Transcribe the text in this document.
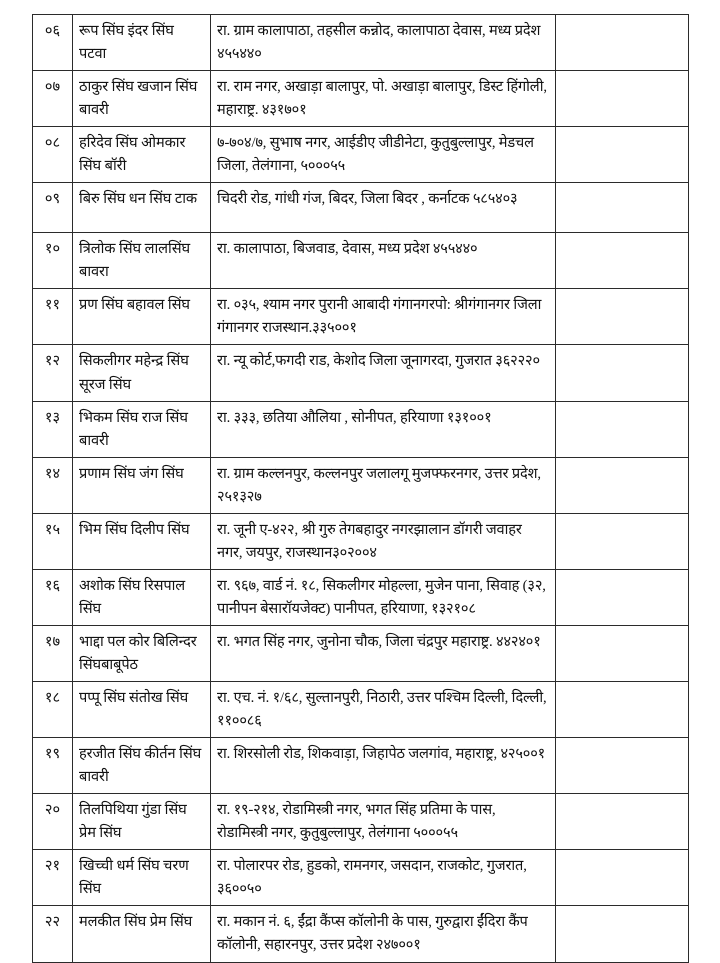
०६	रूप सिंघ इंदर सिंघ पटवा	रा. ग्राम कालापाठा, तहसील कन्नोद, कालापाठा देवास, मध्य प्रदेश ४५५४४०	
०७	ठाकुर सिंघ खजान सिंघ बावरी	रा. राम नगर, अखाड़ा बालापुर, पो. अखाड़ा बालापुर, डिस्ट हिंगोली, महाराष्ट्र. ४३१७०१	
०८	हरिदेव सिंघ ओमकार सिंघ बॉरी	७-७०४/७, सुभाष नगर, आईडीए जीडीनेटा, कुतुबुल्लापुर, मेडचल जिला, तेलंगाना, ५०००५५	
०९	बिरु सिंघ धन सिंघ टाक	चिदरी रोड, गांधी गंज, बिदर, जिला बिदर , कर्नाटक ५८५४०३	
१०	त्रिलोक सिंघ लालसिंघ बावरा	रा. कालापाठा, बिजवाड, देवास, मध्य प्रदेश ४५५४४०	
११	प्रण सिंघ बहावल सिंघ	रा. ०३५, श्याम नगर पुरानी आबादी गंगानगरपो: श्रीगंगानगर जिला गंगानगर राजस्थान.३३५००१	
१२	सिकलीगर महेन्द्र सिंघ सूरज सिंघ	रा. न्यू कोर्ट,फगदी राड, केशोद जिला जूनागरदा, गुजरात ३६२२२०	
१३	भिकम सिंघ राज सिंघ बावरी	रा. ३३३, छतिया औलिया , सोनीपत, हरियाणा १३१००१	
१४	प्रणाम सिंघ जंग सिंघ	रा. ग्राम कल्लनपुर, कल्लनपुर जलालगू मुजफ्फरनगर, उत्तर प्रदेश, २५१३२७	
१५	भिम सिंघ दिलीप सिंघ	रा. जूनी ए-४२२, श्री गुरु तेगबहादुर नगरझालान डॉगरी जवाहर नगर, जयपुर, राजस्थान३०२००४	
१६	अशोक सिंघ रिसपाल सिंघ	रा. ९६७, वार्ड नं. १८, सिकलीगर मोहल्ला, मुजेन पाना, सिवाह (३२, पानीपन बेसारॉयजेक्ट) पानीपत, हरियाणा, १३२१०८	
१७	भाद्दा पल कोर बिलिन्दर सिंघबाबूपेठ	रा. भगत सिंह नगर, जुनोना चौक, जिला चंद्रपुर महाराष्ट्र. ४४२४०१	
१८	पप्पू सिंघ संतोख सिंघ	रा. एच. नं. १/६८, सुल्तानपुरी, निठारी, उत्तर पश्चिम दिल्ली, दिल्ली, ११००८६	
१९	हरजीत सिंघ कीर्तन सिंघ बावरी	रा. शिरसोली रोड, शिकवाड़ा, जिहापेठ जलगांव, महाराष्ट्र, ४२५००१	
२०	तिलपिथिया गुंडा सिंघ प्रेम सिंघ	रा. १९-२१४, रोडामिस्त्री नगर, भगत सिंह प्रतिमा के पास, रोडामिस्त्री नगर, कुतुबुल्लापुर, तेलंगाना ५०००५५	
२१	खिच्ची धर्म सिंघ चरण सिंघ	रा. पोलारपर रोड, हुडको, रामनगर, जसदान, राजकोट, गुजरात, ३६००५०	
२२	मलकीत सिंघ प्रेम सिंघ	रा. मकान नं. ६, ईंद्रा कैंप्स कॉलोनी के पास, गुरुद्वारा ईंदिरा कैंप कॉलोनी, सहारनपुर, उत्तर प्रदेश २४७००१	
